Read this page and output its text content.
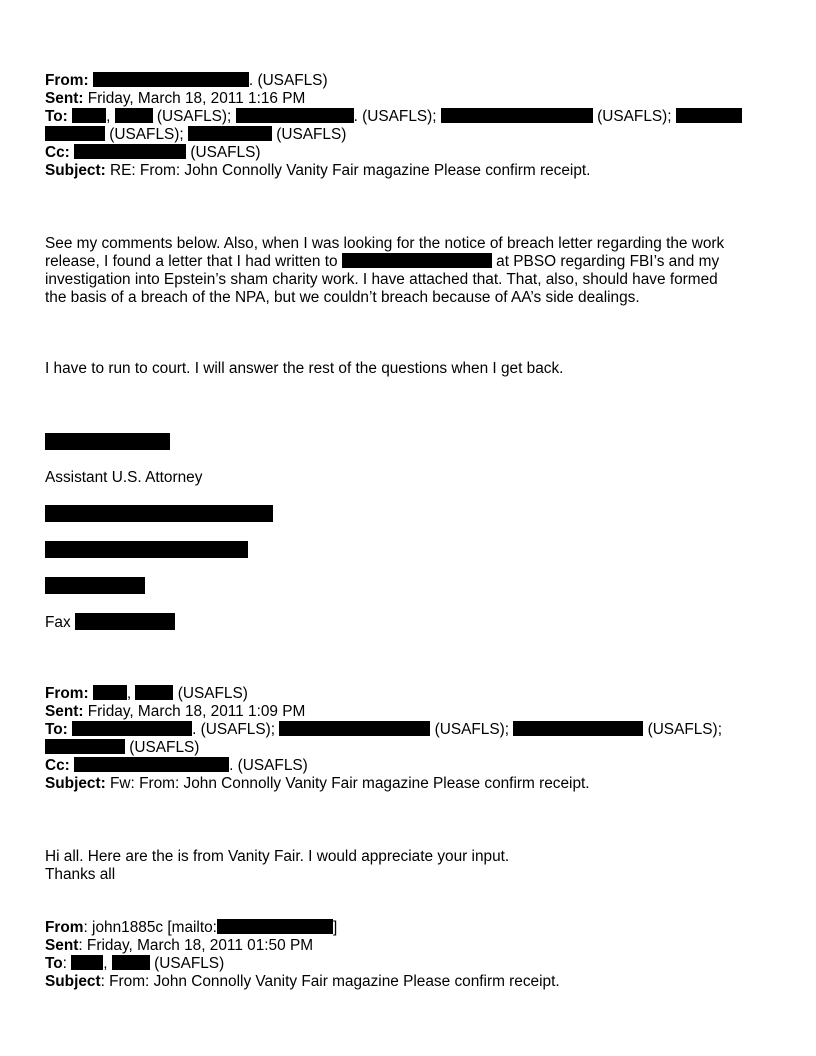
From:	. (USAFLS)
Sent: Friday, March 18, 2011 1:16 PM
To: ,	(USAFLS);	. (USAFLS);	(USAFLS);
(USAFLS);	(USAFLS)
Cc:	(USAFLS)
Subject: RE: From: John Connolly Vanity Fair magazine Please confirm receipt.
See my comments below. Also, when I was looking for the notice of breach letter regarding the work
release, I found a letter that I had written to	at PBSO regarding FBI’s and my
investigation into Epstein’s sham charity work. I have attached that. That, also, should have formed
the basis of a breach of the NPA, but we couldn’t breach because of AA’s side dealings.
I have to run to court. I will answer the rest of the questions when I get back.
Assistant U.S. Attorney
Fax
From: ,	(USAFLS)
Sent: Friday, March 18, 2011 1:09 PM
To:	. (USAFLS);	(USAFLS);	(USAFLS);
(USAFLS)
Cc:	. (USAFLS)
Subject: Fw: From: John Connolly Vanity Fair magazine Please confirm receipt.
Hi all. Here are the is from Vanity Fair. I would appreciate your input.
Thanks all
From: john1885c [mailto:	]
Sent: Friday, March 18, 2011 01:50 PM
To: ,	(USAFLS)
Subject: From: John Connolly Vanity Fair magazine Please confirm receipt.
